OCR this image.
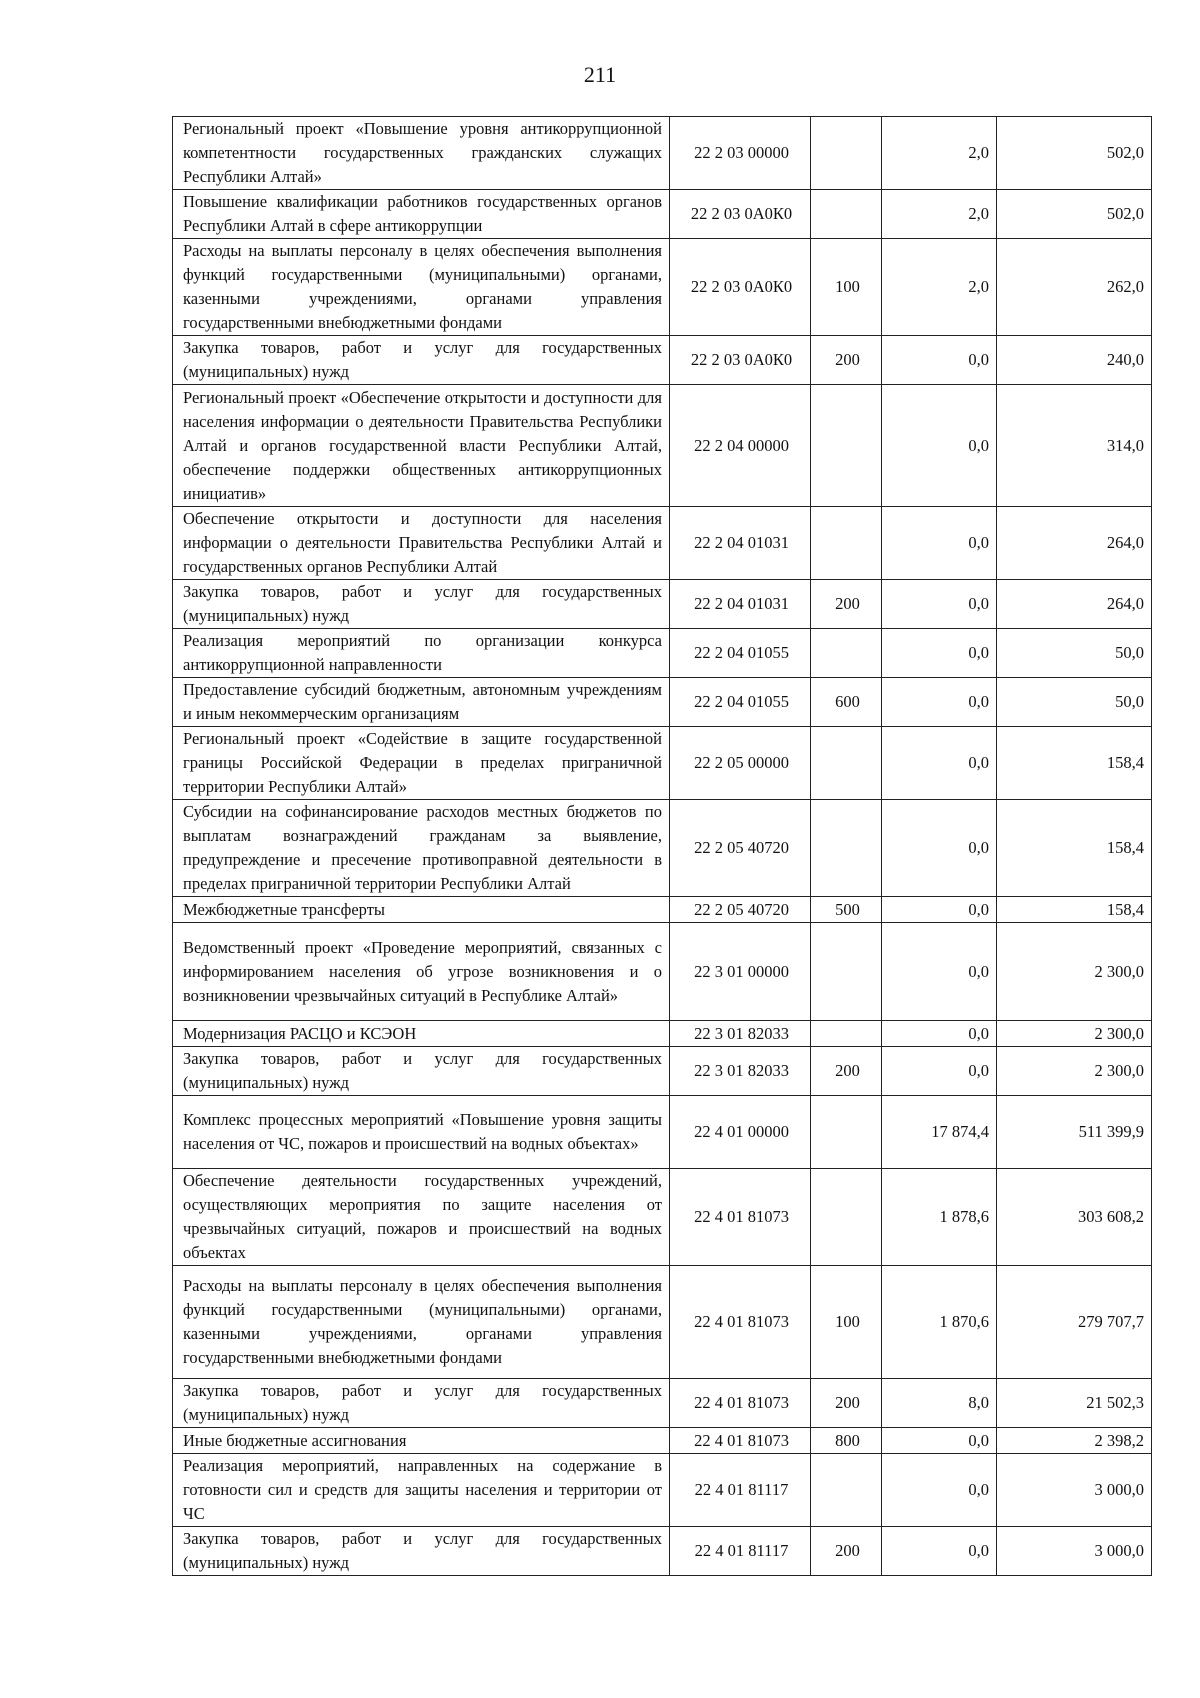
211
Региональный проект «Повышение уровня антикоррупционной компетентности государственных гражданских служащих Республики Алтай»	22 2 03 00000		2,0	502,0
Повышение квалификации работников государственных органов Республики Алтай в сфере антикоррупции	22 2 03 0А0К0		2,0	502,0
Расходы на выплаты персоналу в целях обеспечения выполнения функций государственными (муниципальными) органами, казенными учреждениями, органами управления государственными внебюджетными фондами	22 2 03 0А0К0	100	2,0	262,0
Закупка товаров, работ и услуг для государственных (муниципальных) нужд	22 2 03 0А0К0	200	0,0	240,0
Региональный проект «Обеспечение открытости и доступности для населения информации о деятельности Правительства Республики Алтай и органов государственной власти Республики Алтай, обеспечение поддержки общественных антикоррупционных инициатив»	22 2 04 00000		0,0	314,0
Обеспечение открытости и доступности для населения информации о деятельности Правительства Республики Алтай и государственных органов Республики Алтай	22 2 04 01031		0,0	264,0
Закупка товаров, работ и услуг для государственных (муниципальных) нужд	22 2 04 01031	200	0,0	264,0
Реализация мероприятий по организации конкурса антикоррупционной направленности	22 2 04 01055		0,0	50,0
Предоставление субсидий бюджетным, автономным учреждениям и иным некоммерческим организациям	22 2 04 01055	600	0,0	50,0
Региональный проект «Содействие в защите государственной границы Российской Федерации в пределах приграничной территории Республики Алтай»	22 2 05 00000		0,0	158,4
Субсидии на софинансирование расходов местных бюджетов по выплатам вознаграждений гражданам за выявление, предупреждение и пресечение противоправной деятельности в пределах приграничной территории Республики Алтай	22 2 05 40720		0,0	158,4
Межбюджетные трансферты	22 2 05 40720	500	0,0	158,4
Ведомственный проект «Проведение мероприятий, связанных с информированием населения об угрозе возникновения и о возникновении чрезвычайных ситуаций в Республике Алтай»	22 3 01 00000		0,0	2 300,0
Модернизация РАСЦО и КСЭОН	22 3 01 82033		0,0	2 300,0
Закупка товаров, работ и услуг для государственных (муниципальных) нужд	22 3 01 82033	200	0,0	2 300,0
Комплекс процессных мероприятий «Повышение уровня защиты населения от ЧС, пожаров и происшествий на водных объектах»	22 4 01 00000		17 874,4	511 399,9
Обеспечение деятельности государственных учреждений, осуществляющих мероприятия по защите населения от чрезвычайных ситуаций, пожаров и происшествий на водных объектах	22 4 01 81073		1 878,6	303 608,2
Расходы на выплаты персоналу в целях обеспечения выполнения функций государственными (муниципальными) органами, казенными учреждениями, органами управления государственными внебюджетными фондами	22 4 01 81073	100	1 870,6	279 707,7
Закупка товаров, работ и услуг для государственных (муниципальных) нужд	22 4 01 81073	200	8,0	21 502,3
Иные бюджетные ассигнования	22 4 01 81073	800	0,0	2 398,2
Реализация мероприятий, направленных на содержание в готовности сил и средств для защиты населения и территории от ЧС	22 4 01 81117		0,0	3 000,0
Закупка товаров, работ и услуг для государственных (муниципальных) нужд	22 4 01 81117	200	0,0	3 000,0
